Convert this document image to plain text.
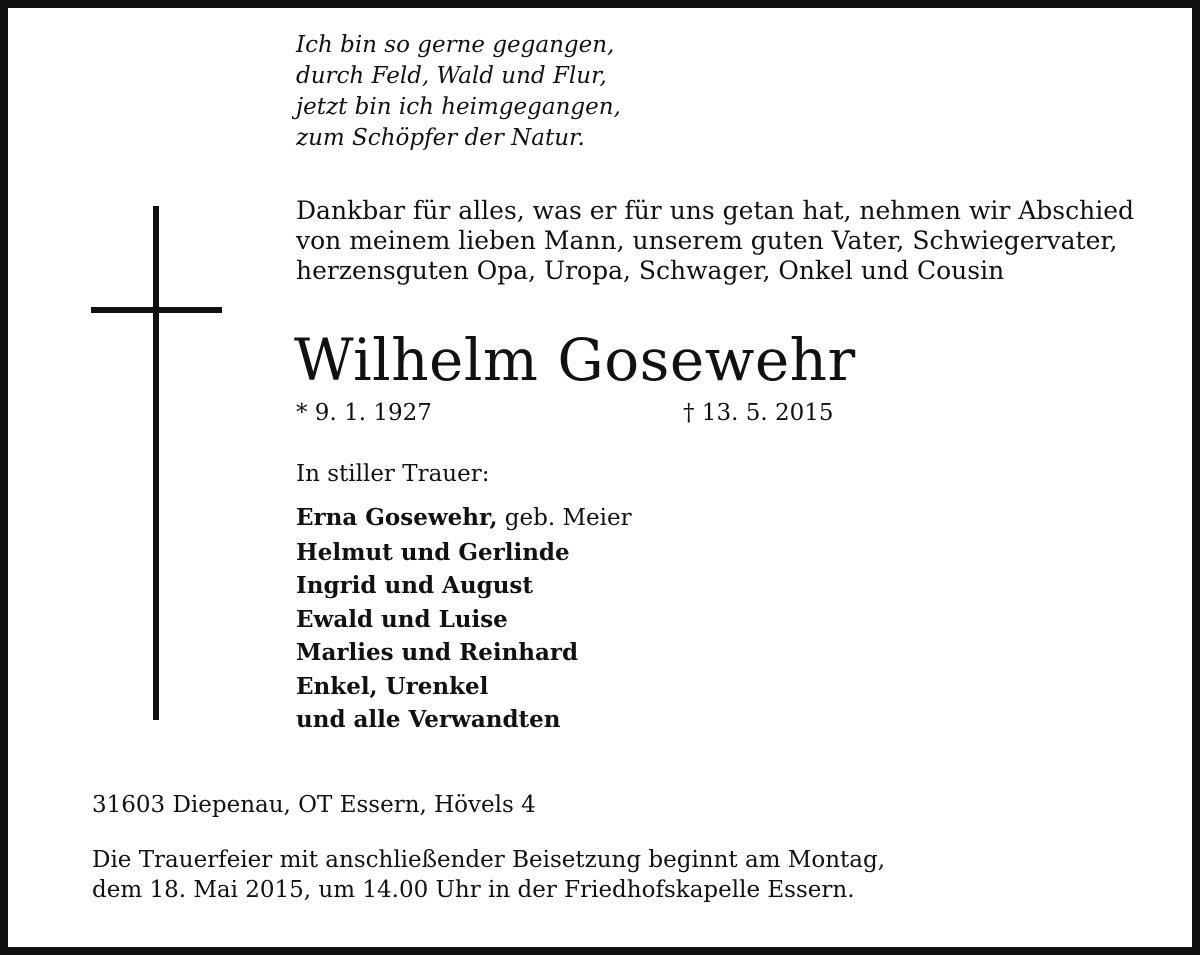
Ich bin so gerne gegangen,
durch Feld, Wald und Flur,
jetzt bin ich heimgegangen,
zum Schöpfer der Natur.
Dankbar für alles, was er für uns getan hat, nehmen wir Abschied
von meinem lieben Mann, unserem guten Vater, Schwiegervater,
herzensguten Opa, Uropa, Schwager, Onkel und Cousin
Wilhelm Gosewehr
* 9. 1. 1927	† 13. 5. 2015
In stiller Trauer:
Erna Gosewehr, geb. Meier
Helmut und Gerlinde
Ingrid und August
Ewald und Luise
Marlies und Reinhard
Enkel, Urenkel
und alle Verwandten
31603 Diepenau, OT Essern, Hövels 4
Die Trauerfeier mit anschließender Beisetzung beginnt am Montag,
dem 18. Mai 2015, um 14.00 Uhr in der Friedhofskapelle Essern.
